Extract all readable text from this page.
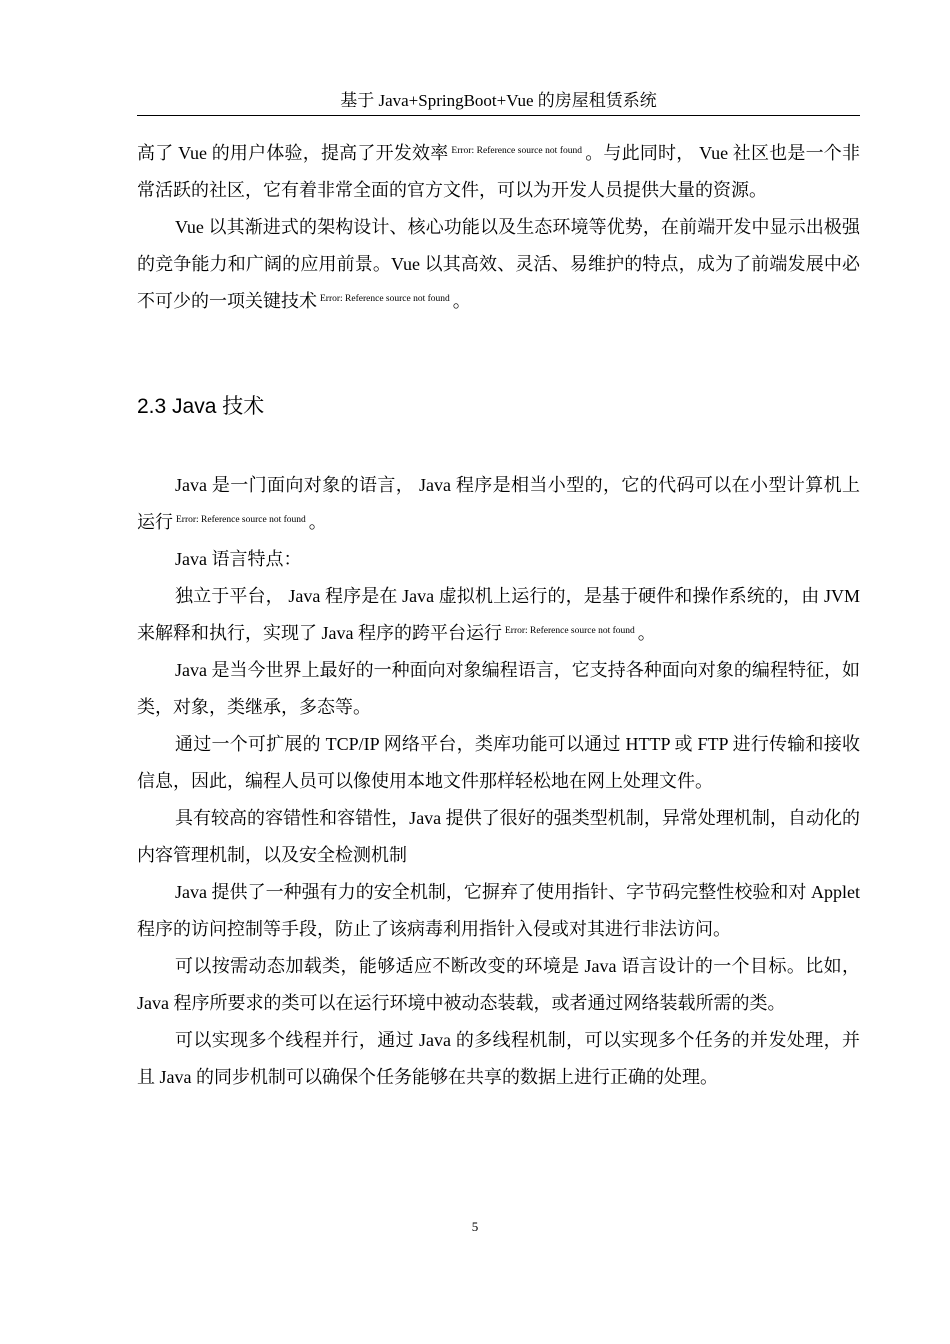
基于 Java+SpringBoot+Vue 的房屋租赁系统

高了 Vue 的用户体验，提高了开发效率 $^{Error: Reference source not found}$ 。与此同时， Vue 社区也是一个非常活跃的社区，它有着非常全面的官方文件，可以为开发人员提供大量的资源。

Vue 以其渐进式的架构设计、核心功能以及生态环境等优势，在前端开发中显示出极强的竞争能力和广阔的应用前景。Vue 以其高效、灵活、易维护的特点，成为了前端发展中必不可少的一项关键技术 $^{Error: Reference source not found}$ 。

2.3 Java 技术

Java 是一门面向对象的语言， Java 程序是相当小型的，它的代码可以在小型计算机上运行 $^{Error: Reference source not found}$ 。

Java 语言特点：

独立于平台， Java 程序是在 Java 虚拟机上运行的，是基于硬件和操作系统的，由 JVM 来解释和执行，实现了 Java 程序的跨平台运行 $^{Error: Reference source not found}$ 。

Java 是当今世界上最好的一种面向对象编程语言，它支持各种面向对象的编程特征，如类，对象，类继承，多态等。

通过一个可扩展的 TCP/IP 网络平台，类库功能可以通过 HTTP 或 FTP 进行传输和接收信息，因此，编程人员可以像使用本地文件那样轻松地在网上处理文件。

具有较高的容错性和容错性，Java 提供了很好的强类型机制，异常处理机制，自动化的内容管理机制，以及安全检测机制

Java 提供了一种强有力的安全机制，它摒弃了使用指针、字节码完整性校验和对 Applet 程序的访问控制等手段，防止了该病毒利用指针入侵或对其进行非法访问。

可以按需动态加载类，能够适应不断改变的环境是 Java 语言设计的一个目标。比如， Java 程序所要求的类可以在运行环境中被动态装载，或者通过网络装载所需的类。

可以实现多个线程并行，通过 Java 的多线程机制，可以实现多个任务的并发处理，并且 Java 的同步机制可以确保个任务能够在共享的数据上进行正确的处理。

5
